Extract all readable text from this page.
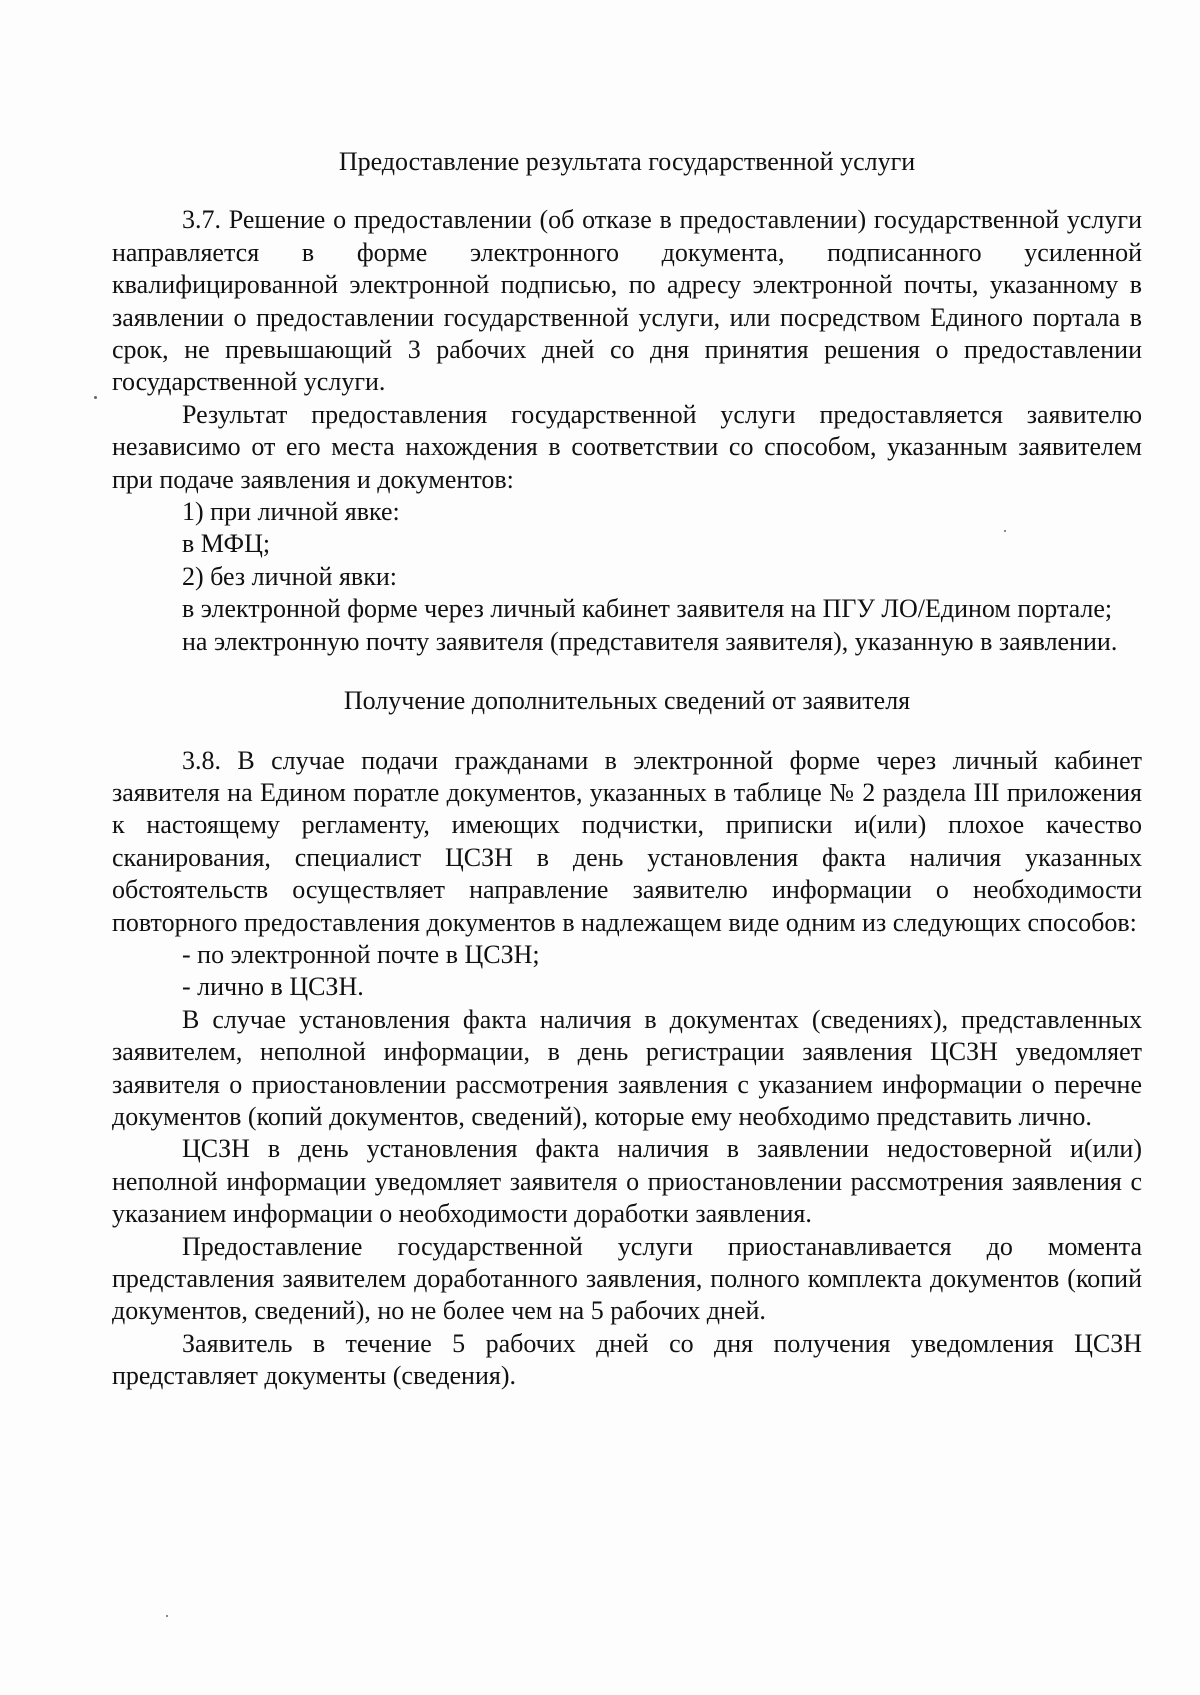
Предоставление результата государственной услуги

3.7. Решение о предоставлении (об отказе в предоставлении) государственной услуги направляется в форме электронного документа, подписанного усиленной квалифицированной электронной подписью, по адресу электронной почты, указанному в заявлении о предоставлении государственной услуги, или посредством Единого портала в срок, не превышающий 3 рабочих дней со дня принятия решения о предоставлении государственной услуги.

Результат предоставления государственной услуги предоставляется заявителю независимо от его места нахождения в соответствии со способом, указанным заявителем при подаче заявления и документов:

1) при личной явке:
в МФЦ;
2) без личной явки:

в электронной форме через личный кабинет заявителя на ПГУ ЛО/Едином портале;

на электронную почту заявителя (представителя заявителя), указанную в заявлении.

Получение дополнительных сведений от заявителя

3.8. В случае подачи гражданами в электронной форме через личный кабинет заявителя на Едином поратле документов, указанных в таблице № 2 раздела III приложения к настоящему регламенту, имеющих подчистки, приписки и(или) плохое качество сканирования, специалист ЦСЗН в день установления факта наличия указанных обстоятельств осуществляет направление заявителю информации о необходимости повторного предоставления документов в надлежащем виде одним из следующих способов:

- по электронной почте в ЦСЗН;
- лично в ЦСЗН.

В случае установления факта наличия в документах (сведениях), представленных заявителем, неполной информации, в день регистрации заявления ЦСЗН уведомляет заявителя о приостановлении рассмотрения заявления с указанием информации о перечне документов (копий документов, сведений), которые ему необходимо представить лично.

ЦСЗН в день установления факта наличия в заявлении недостоверной и(или) неполной информации уведомляет заявителя о приостановлении рассмотрения заявления с указанием информации о необходимости доработки заявления.

Предоставление государственной услуги приостанавливается до момента представления заявителем доработанного заявления, полного комплекта документов (копий документов, сведений), но не более чем на 5 рабочих дней.

Заявитель в течение 5 рабочих дней со дня получения уведомления ЦСЗН представляет документы (сведения).
